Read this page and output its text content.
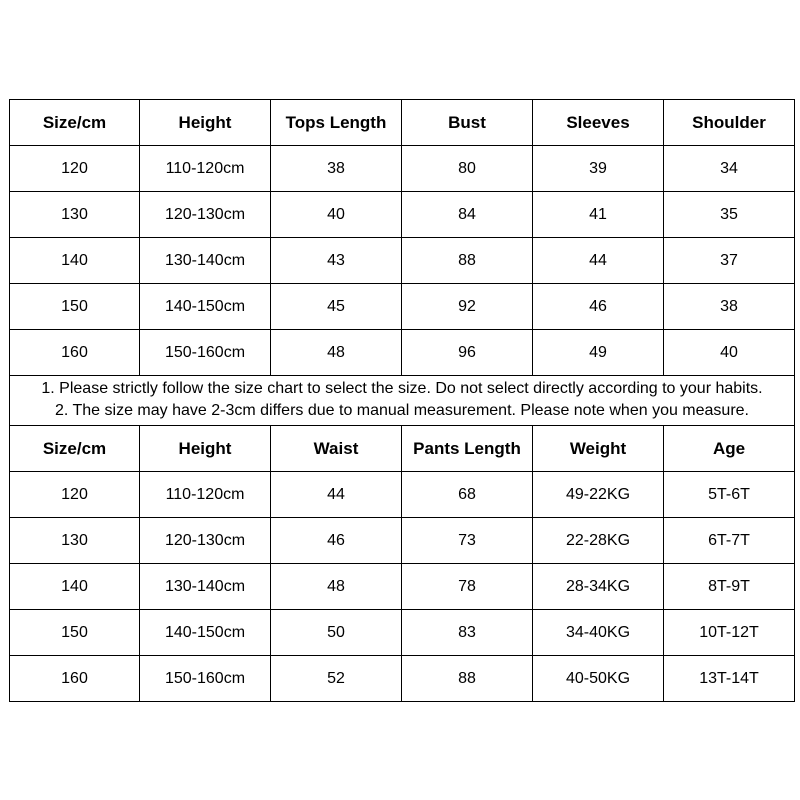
Size/cm	Height	Tops Length	Bust	Sleeves	Shoulder
120	110-120cm	38	80	39	34
130	120-130cm	40	84	41	35
140	130-140cm	43	88	44	37
150	140-150cm	45	92	46	38
160	150-160cm	48	96	49	40
1. Please strictly follow the size chart to select the size. Do not select directly according to your habits.					
2. The size may have 2-3cm differs due to manual measurement. Please note when you measure.					
Size/cm	Height	Waist	Pants Length	Weight	Age
120	110-120cm	44	68	49-22KG	5T-6T
130	120-130cm	46	73	22-28KG	6T-7T
140	130-140cm	48	78	28-34KG	8T-9T
150	140-150cm	50	83	34-40KG	10T-12T
160	150-160cm	52	88	40-50KG	13T-14T
